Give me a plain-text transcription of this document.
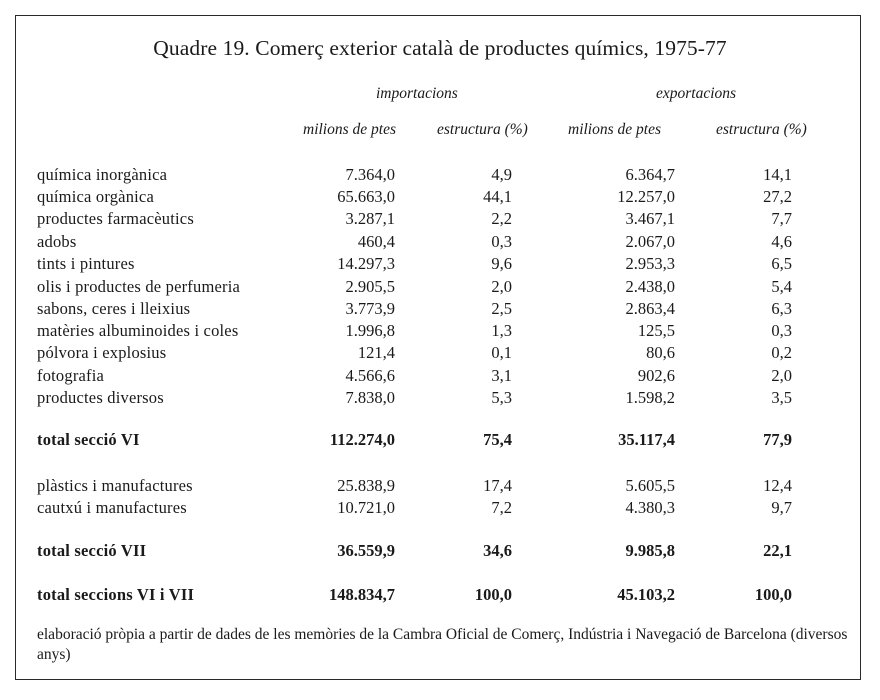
Quadre 19. Comerç exterior català de productes químics, 1975-77
importacions	exportacions
milions de ptes	estructura (%)	milions de ptes	estructura (%)
química inorgànica	7.364,0	4,9	6.364,7	14,1
química orgànica	65.663,0	44,1	12.257,0	27,2
productes farmacèutics	3.287,1	2,2	3.467,1	7,7
adobs	460,4	0,3	2.067,0	4,6
tints i pintures	14.297,3	9,6	2.953,3	6,5
olis i productes de perfumeria	2.905,5	2,0	2.438,0	5,4
sabons, ceres i lleixius	3.773,9	2,5	2.863,4	6,3
matèries albuminoides i coles	1.996,8	1,3	125,5	0,3
pólvora i explosius	121,4	0,1	80,6	0,2
fotografia	4.566,6	3,1	902,6	2,0
productes diversos	7.838,0	5,3	1.598,2	3,5
total secció VI	112.274,0	75,4	35.117,4	77,9
plàstics i manufactures	25.838,9	17,4	5.605,5	12,4
cautxú i manufactures	10.721,0	7,2	4.380,3	9,7
total secció VII	36.559,9	34,6	9.985,8	22,1
total seccions VI i VII	148.834,7	100,0	45.103,2	100,0
elaboració pròpia a partir de dades de les memòries de la Cambra Oficial de Comerç, Indústria i Navegació de Barcelona (diversos anys)
